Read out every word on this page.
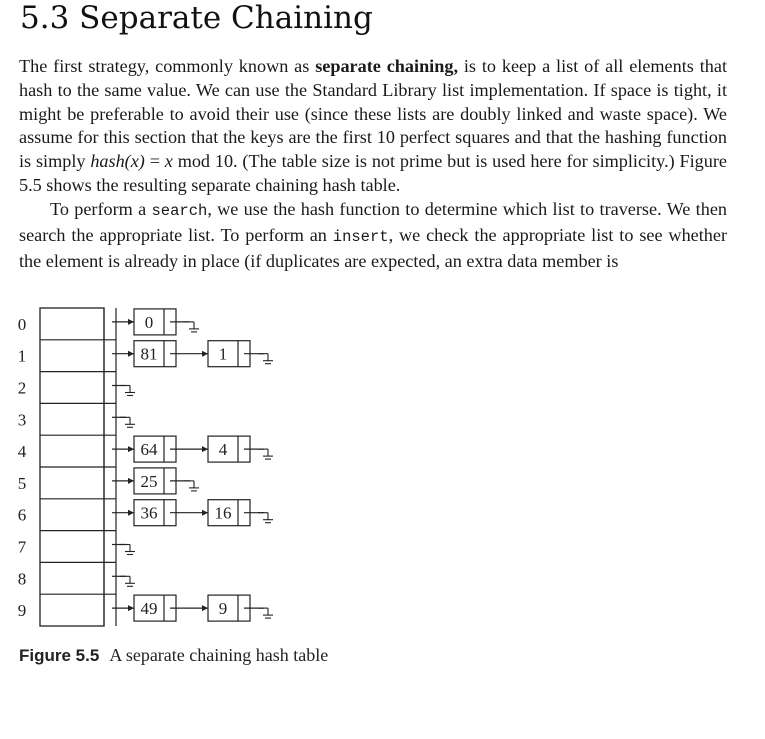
5.3 Separate Chaining

The first strategy, commonly known as separate chaining, is to keep a list of all elements that hash to the same value. We can use the Standard Library list implementation. If space is tight, it might be preferable to avoid their use (since these lists are doubly linked and waste space). We assume for this section that the keys are the first 10 perfect squares and that the hashing function is simply hash(x) = x mod 10. (The table size is not prime but is used here for simplicity.) Figure 5.5 shows the resulting separate chaining hash table.

To perform a search, we use the hash function to determine which list to traverse. We then search the appropriate list. To perform an insert, we check the appropriate list to see whether the element is already in place (if duplicates are expected, an extra data member is

0	0
1	81	1
2
3
4	64	4
5	25
6	36	16
7
8
9	49	9

Figure 5.5 A separate chaining hash table
